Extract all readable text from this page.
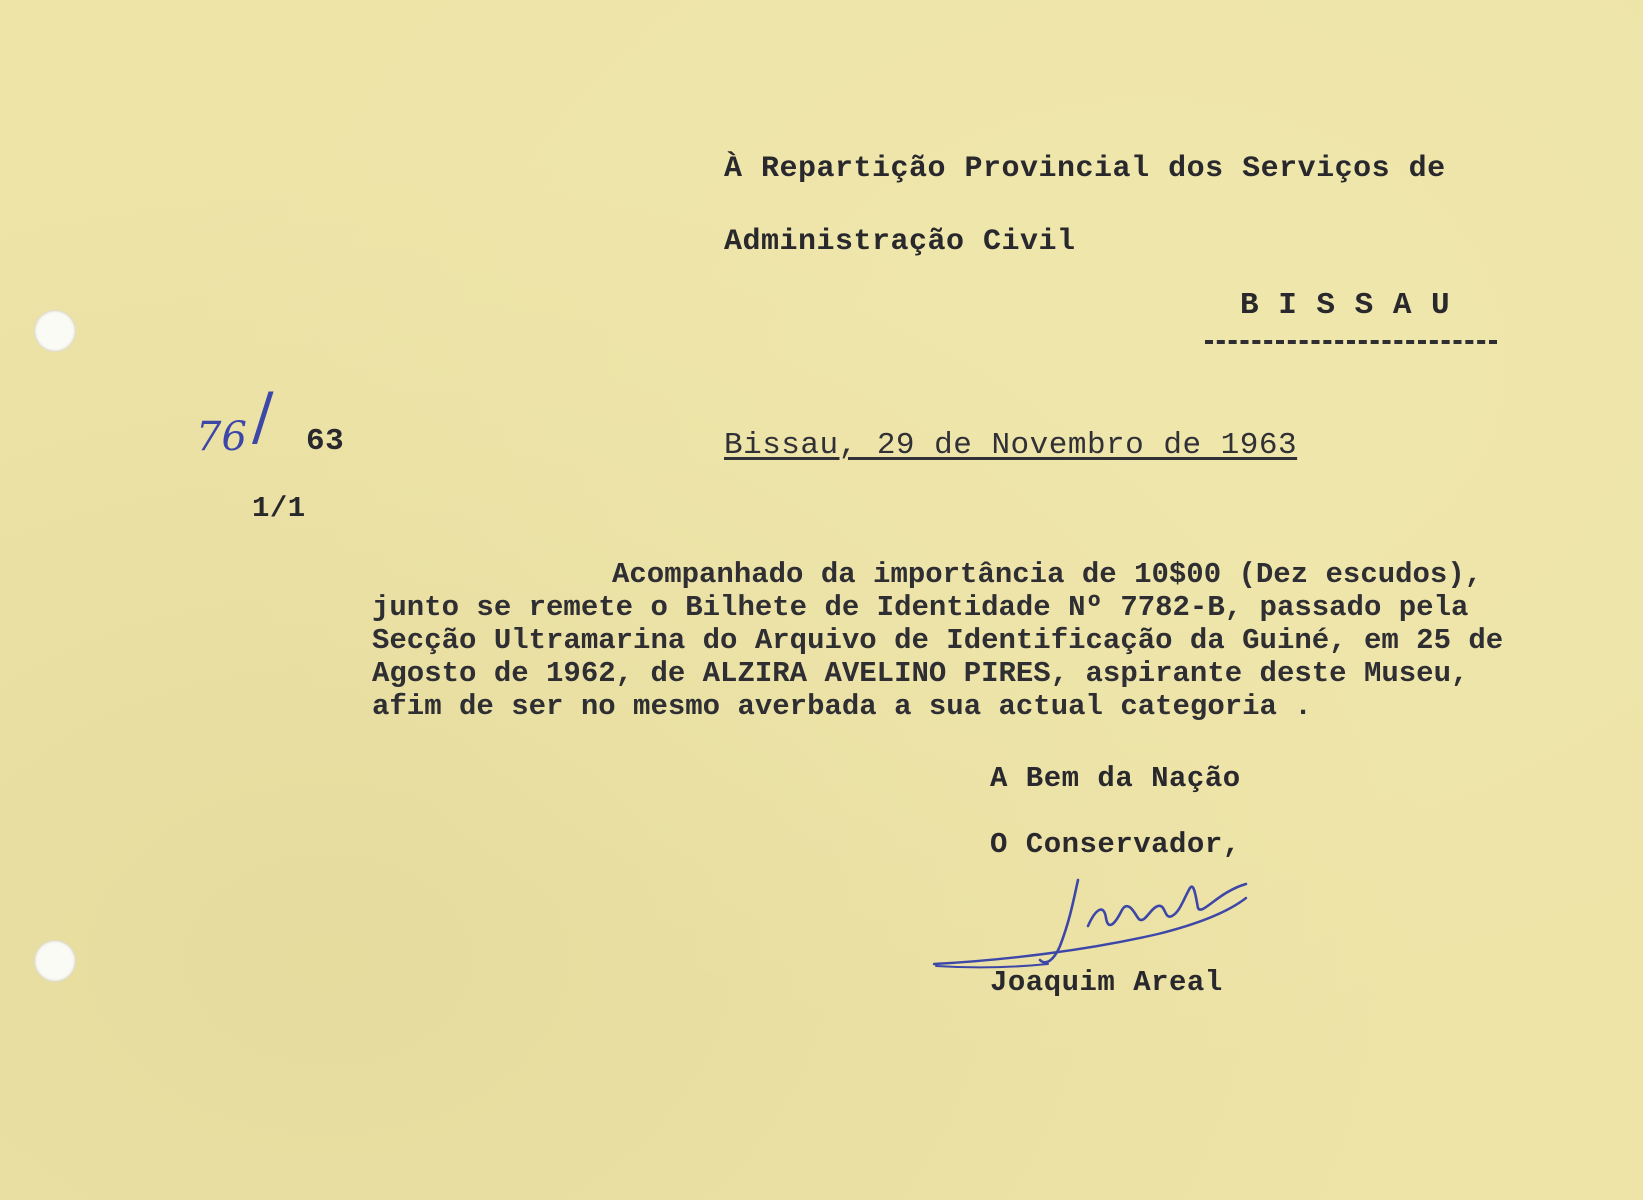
À Repartição Provincial dos Serviços de
Administração Civil
B I S S A U
76 / 63
1/1
Bissau, 29 de Novembro de 1963
Acompanhado da importância de 10$00 (Dez escudos),
junto se remete o Bilhete de Identidade Nº 7782-B, passado pela
Secção Ultramarina do Arquivo de Identificação da Guiné, em 25 de
Agosto de 1962, de ALZIRA AVELINO PIRES, aspirante deste Museu,
afim de ser no mesmo averbada a sua actual categoria .
A Bem da Nação
O Conservador,
Joaquim Areal
